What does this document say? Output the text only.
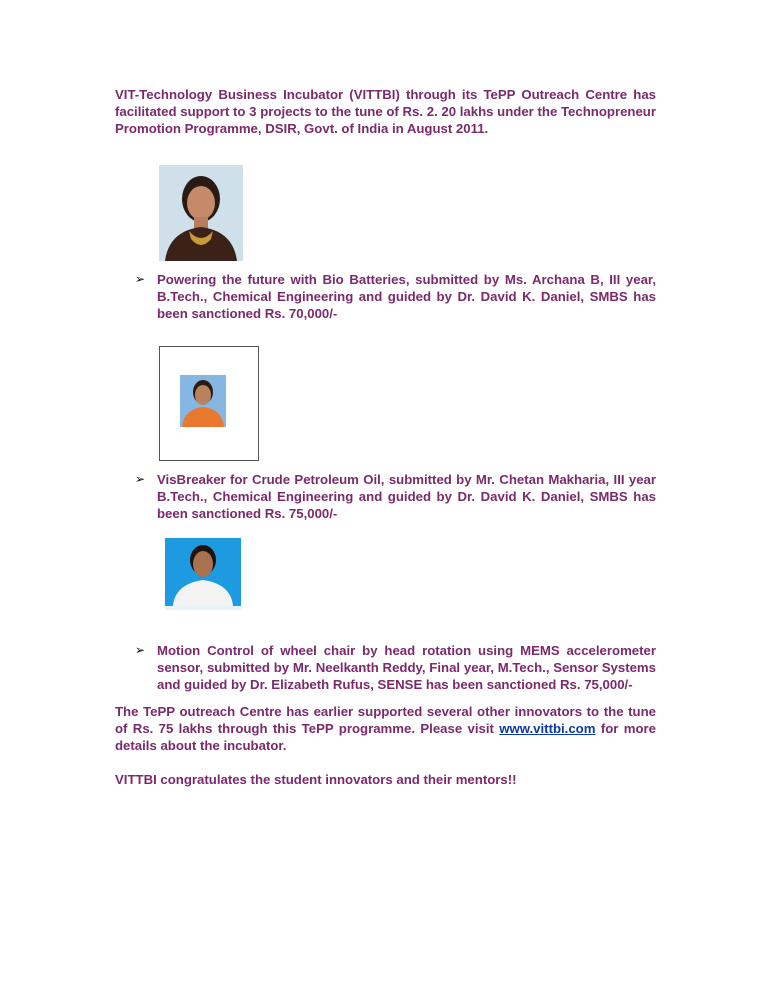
VIT-Technology Business Incubator (VITTBI) through its TePP Outreach Centre has facilitated support to 3 projects to the tune of Rs. 2. 20 lakhs under the Technopreneur Promotion Programme, DSIR, Govt. of India in August 2011.

➢ Powering the future with Bio Batteries, submitted by Ms. Archana B, III year, B.Tech., Chemical Engineering and guided by Dr. David K. Daniel, SMBS has been sanctioned Rs. 70,000/-
➢ VisBreaker for Crude Petroleum Oil, submitted by Mr. Chetan Makharia, III year B.Tech., Chemical Engineering and guided by Dr. David K. Daniel, SMBS has been sanctioned Rs. 75,000/-
➢ Motion Control of wheel chair by head rotation using MEMS accelerometer sensor, submitted by Mr. Neelkanth Reddy, Final year, M.Tech., Sensor Systems and guided by Dr. Elizabeth Rufus, SENSE has been sanctioned Rs. 75,000/-

The TePP outreach Centre has earlier supported several other innovators to the tune of Rs. 75 lakhs through this TePP programme. Please visit www.vittbi.com for more details about the incubator.

VITTBI congratulates the student innovators and their mentors!!
